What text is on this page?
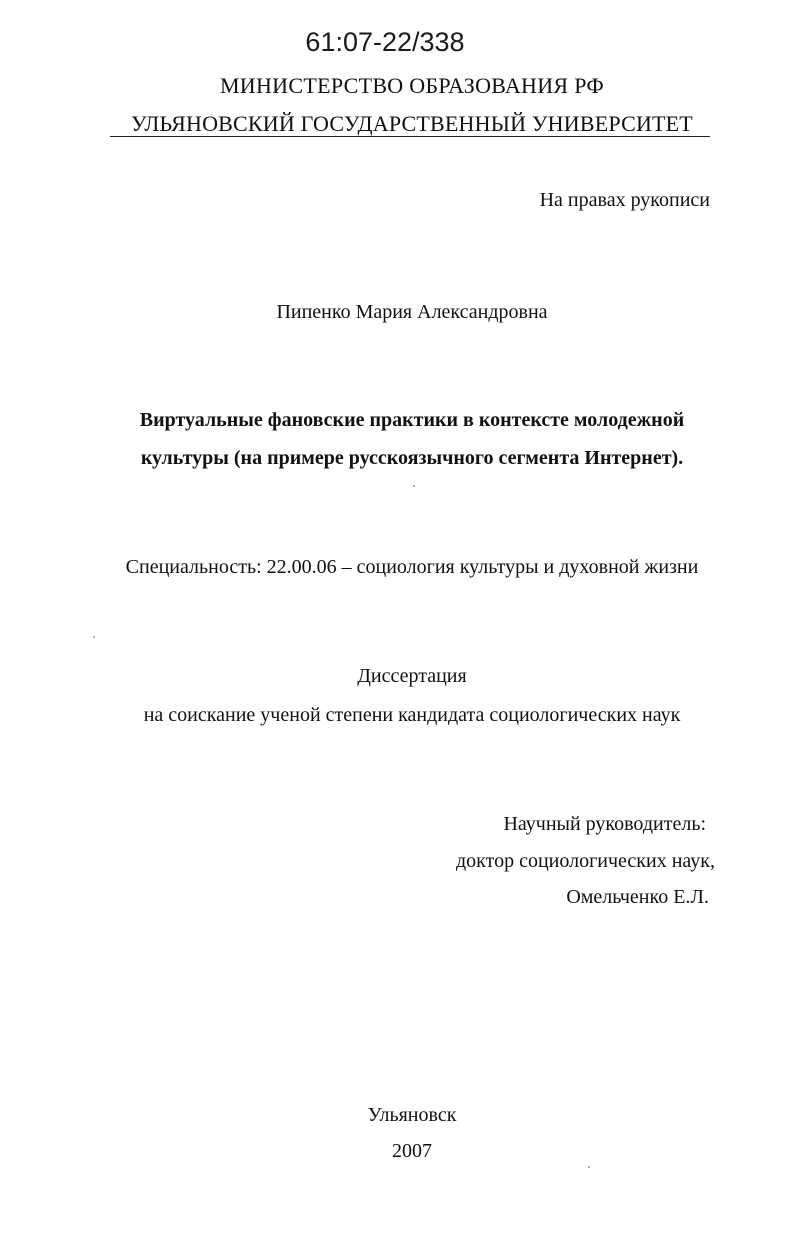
61:07-22/338
МИНИСТЕРСТВО ОБРАЗОВАНИЯ РФ
УЛЬЯНОВСКИЙ ГОСУДАРСТВЕННЫЙ УНИВЕРСИТЕТ
На правах рукописи
Пипенко Мария Александровна
Виртуальные фановские практики в контексте молодежной
культуры (на примере русскоязычного сегмента Интернет).
Специальность: 22.00.06 – социология культуры и духовной жизни
Диссертация
на соискание ученой степени кандидата социологических наук
Научный руководитель:
доктор социологических наук,
Омельченко Е.Л.
Ульяновск
2007
